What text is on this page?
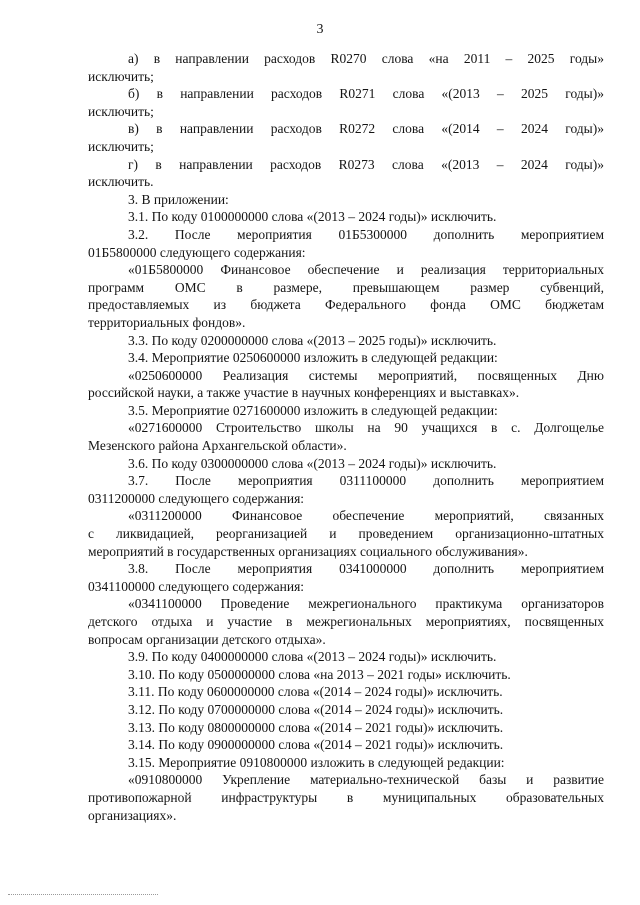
3
а) в направлении расходов R0270 слова «на 2011 – 2025 годы»
исключить;
б) в направлении расходов R0271 слова «(2013 – 2025 годы)»
исключить;
в) в направлении расходов R0272 слова «(2014 – 2024 годы)»
исключить;
г) в направлении расходов R0273 слова «(2013 – 2024 годы)»
исключить.
3. В приложении:
3.1. По коду 0100000000 слова «(2013 – 2024 годы)» исключить.
3.2. После мероприятия 01Б5300000 дополнить мероприятием
01Б5800000 следующего содержания:
«01Б5800000 Финансовое обеспечение и реализация территориальных
программ ОМС в размере, превышающем размер субвенций,
предоставляемых из бюджета Федерального фонда ОМС бюджетам
территориальных фондов».
3.3. По коду 0200000000 слова «(2013 – 2025 годы)» исключить.
3.4. Мероприятие 0250600000 изложить в следующей редакции:
«0250600000 Реализация системы мероприятий, посвященных Дню
российской науки, а также участие в научных конференциях и выставках».
3.5. Мероприятие 0271600000 изложить в следующей редакции:
«0271600000 Строительство школы на 90 учащихся в с. Долгощелье
Мезенского района Архангельской области».
3.6. По коду 0300000000 слова «(2013 – 2024 годы)» исключить.
3.7. После мероприятия 0311100000 дополнить мероприятием
0311200000 следующего содержания:
«0311200000 Финансовое обеспечение мероприятий, связанных
с ликвидацией, реорганизацией и проведением организационно-штатных
мероприятий в государственных организациях социального обслуживания».
3.8. После мероприятия 0341000000 дополнить мероприятием
0341100000 следующего содержания:
«0341100000 Проведение межрегионального практикума организаторов
детского отдыха и участие в межрегиональных мероприятиях, посвященных
вопросам организации детского отдыха».
3.9. По коду 0400000000 слова «(2013 – 2024 годы)» исключить.
3.10. По коду 0500000000 слова «на 2013 – 2021 годы» исключить.
3.11. По коду 0600000000 слова «(2014 – 2024 годы)» исключить.
3.12. По коду 0700000000 слова «(2014 – 2024 годы)» исключить.
3.13. По коду 0800000000 слова «(2014 – 2021 годы)» исключить.
3.14. По коду 0900000000 слова «(2014 – 2021 годы)» исключить.
3.15. Мероприятие 0910800000 изложить в следующей редакции:
«0910800000 Укрепление материально-технической базы и развитие
противопожарной инфраструктуры в муниципальных образовательных
организациях».
